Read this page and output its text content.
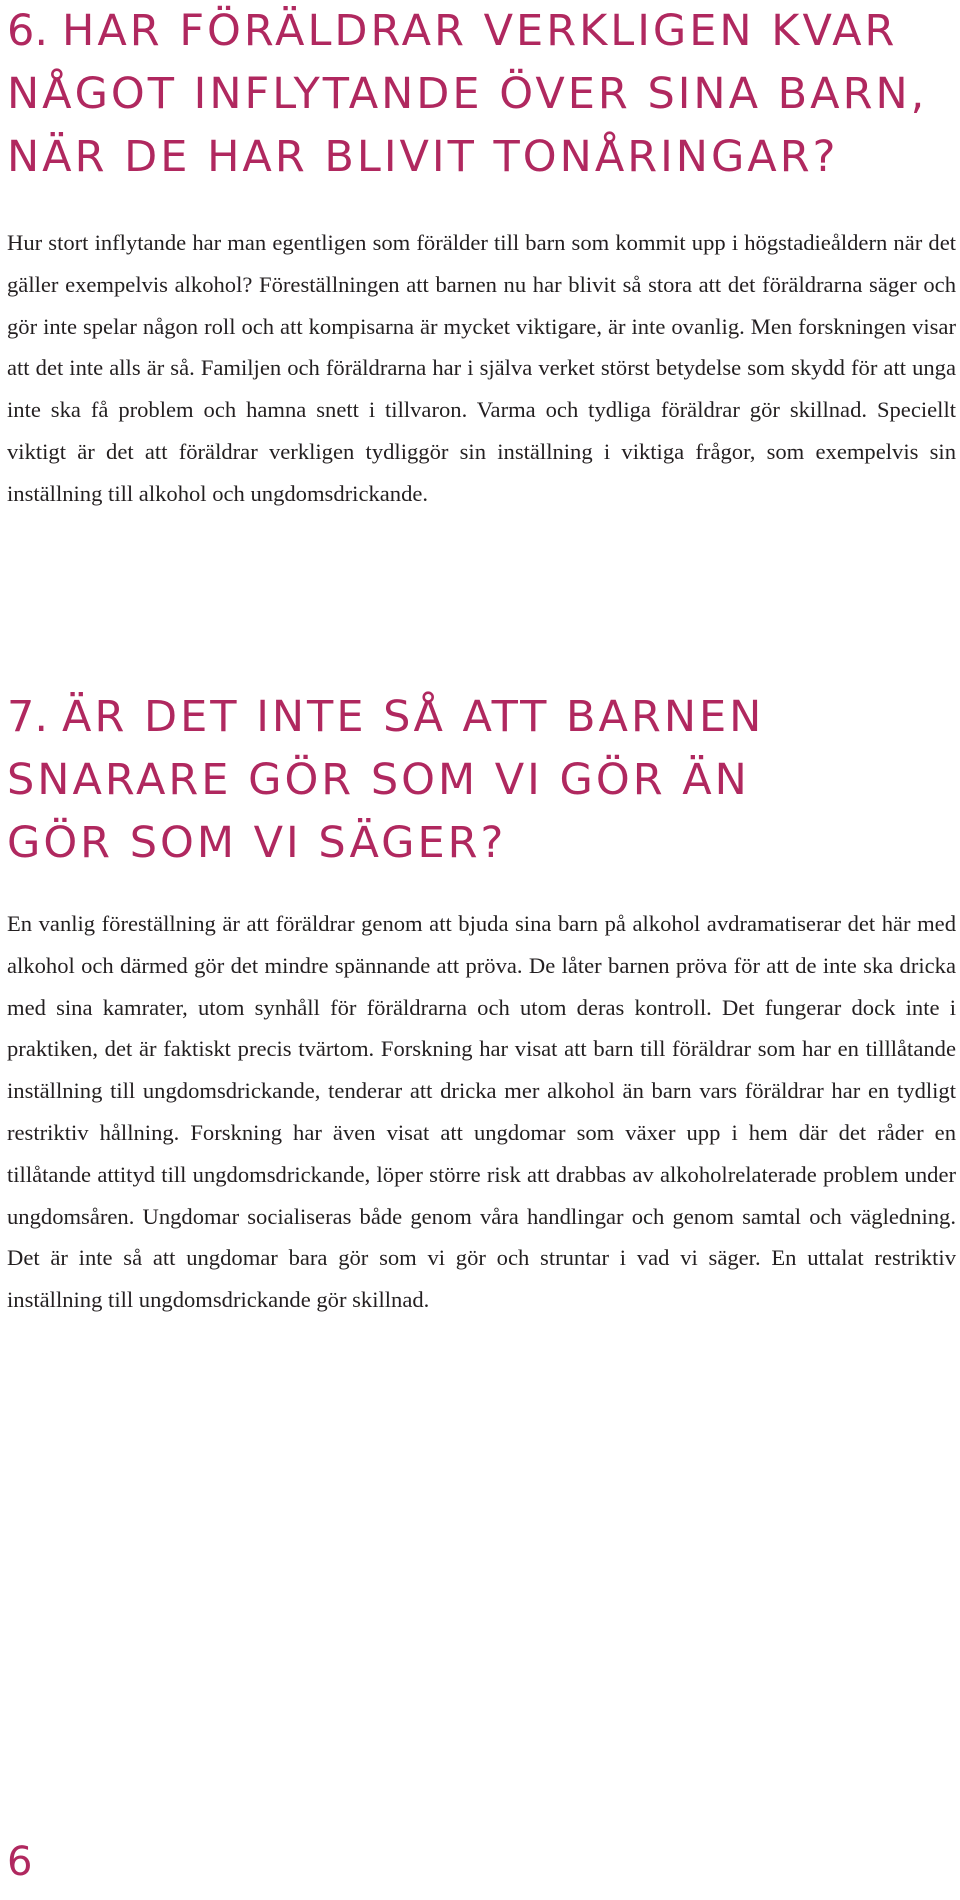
6. HAR FÖRÄLDRAR VERKLIGEN KVAR
NÅGOT INFLYTANDE ÖVER SINA BARN,
NÄR DE HAR BLIVIT TONÅRINGAR?

Hur stort inflytande har man egentligen som förälder till barn som kommit upp i högstadieåldern när det gäller exempelvis alkohol? Föreställningen att barnen nu har blivit så stora att det föräldrarna säger och gör inte spelar någon roll och att kompisarna är mycket viktigare, är inte ovanlig. Men forskningen visar att det inte alls är så. Familjen och föräldrarna har i själva verket störst betydelse som skydd för att unga inte ska få problem och hamna snett i tillvaron. Varma och tydliga föräldrar gör skillnad. Speciellt viktigt är det att föräldrar verkligen tydliggör sin inställning i viktiga frågor, som exempelvis sin inställning till alkohol och ungdomsdrickande.

7. ÄR DET INTE SÅ ATT BARNEN
SNARARE GÖR SOM VI GÖR ÄN
GÖR SOM VI SÄGER?

En vanlig föreställning är att föräldrar genom att bjuda sina barn på alkohol avdramatiserar det här med alkohol och därmed gör det mindre spännande att pröva. De låter barnen pröva för att de inte ska dricka med sina kamrater, utom synhåll för föräldrarna och utom deras kontroll. Det fungerar dock inte i praktiken, det är faktiskt precis tvärtom. Forskning har visat att barn till föräldrar som har en tilllåtande inställning till ungdomsdrickande, tenderar att dricka mer alkohol än barn vars föräldrar har en tydligt restriktiv hållning. Forskning har även visat att ungdomar som växer upp i hem där det råder en tillåtande attityd till ungdomsdrickande, löper större risk att drabbas av alkoholrelaterade problem under ungdomsåren. Ungdomar socialiseras både genom våra handlingar och genom samtal och vägledning. Det är inte så att ungdomar bara gör som vi gör och struntar i vad vi säger. En uttalat restriktiv inställning till ungdomsdrickande gör skillnad.

6
